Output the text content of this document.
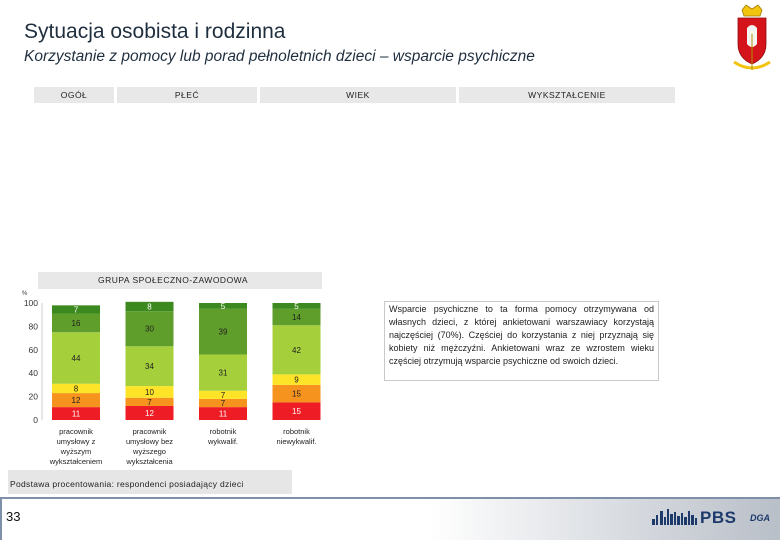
Sytuacja osobista i rodzinna
Korzystanie z pomocy lub porad pełnoletnich dzieci – wsparcie psychiczne
OGÓŁ	PŁEĆ	WIEK	WYKSZTAŁCENIE
GRUPA SPOŁECZNO-ZAWODOWA
%
0
20
40
60
80
100
11
12
8
44
16
7
pracownik
umysłowy z
wyższym
wykształceniem
12
7
10
34
30
8
pracownik
umysłowy bez
wyższego
wykształcenia
11
7
7
31
39
5
robotnik
wykwalif.
15
15
9
42
14
5
robotnik
niewykwalif.
Wsparcie psychiczne to ta forma pomocy otrzymywana od własnych dzieci, z której ankietowani warszawiacy korzystają najczęściej (70%). Częściej do korzystania z niej przyznają się kobiety niż mężczyźni. Ankietowani wraz ze wzrostem wieku częściej otrzymują wsparcie psychiczne od swoich dzieci.
Podstawa procentowania: respondenci posiadający dzieci
33	PBS DGA
